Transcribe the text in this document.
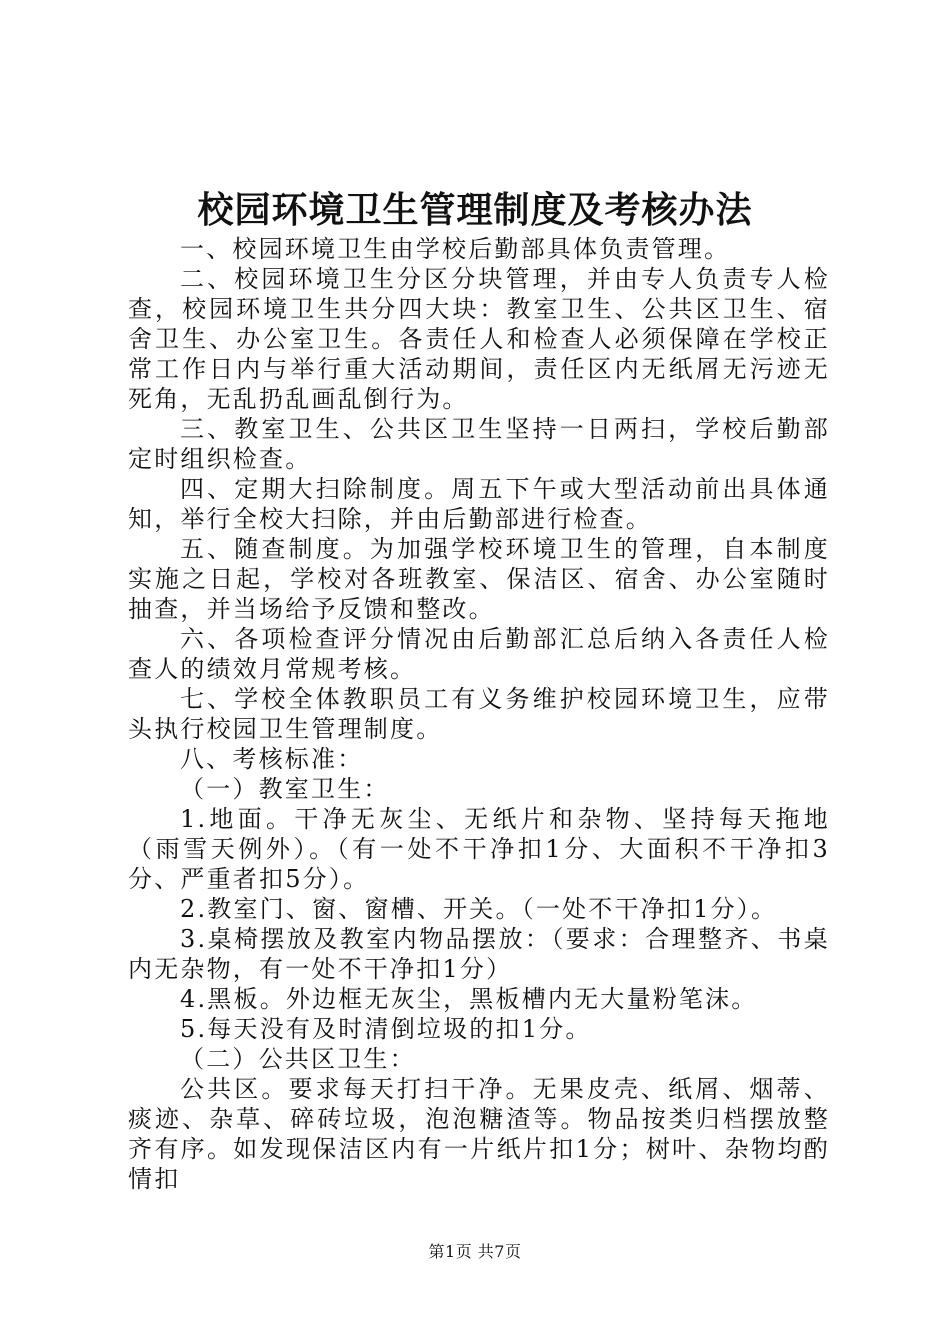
校园环境卫生管理制度及考核办法

一、校园环境卫生由学校后勤部具体负责管理。

二、校园环境卫生分区分块管理，并由专人负责专人检查，校园环境卫生共分四大块：教室卫生、公共区卫生、宿舍卫生、办公室卫生。各责任人和检查人必须保障在学校正常工作日内与举行重大活动期间，责任区内无纸屑无污迹无死角，无乱扔乱画乱倒行为。

三、教室卫生、公共区卫生坚持一日两扫，学校后勤部定时组织检查。

四、定期大扫除制度。周五下午或大型活动前出具体通知，举行全校大扫除，并由后勤部进行检查。

五、随查制度。为加强学校环境卫生的管理，自本制度实施之日起，学校对各班教室、保洁区、宿舍、办公室随时抽查，并当场给予反馈和整改。

六、各项检查评分情况由后勤部汇总后纳入各责任人检查人的绩效月常规考核。

七、学校全体教职员工有义务维护校园环境卫生，应带头执行校园卫生管理制度。

八、考核标准：

（一）教室卫生：

1.地面。干净无灰尘、无纸片和杂物、坚持每天拖地（雨雪天例外）。（有一处不干净扣1分、大面积不干净扣3分、严重者扣5分）。

2.教室门、窗、窗槽、开关。（一处不干净扣1分）。

3.桌椅摆放及教室内物品摆放：（要求：合理整齐、书桌内无杂物，有一处不干净扣1分）

4.黑板。外边框无灰尘，黑板槽内无大量粉笔沫。

5.每天没有及时清倒垃圾的扣1分。

（二）公共区卫生：

公共区。要求每天打扫干净。无果皮壳、纸屑、烟蒂、痰迹、杂草、碎砖垃圾，泡泡糖渣等。物品按类归档摆放整齐有序。如发现保洁区内有一片纸片扣1分；树叶、杂物均酌情扣

第1页 共7页
